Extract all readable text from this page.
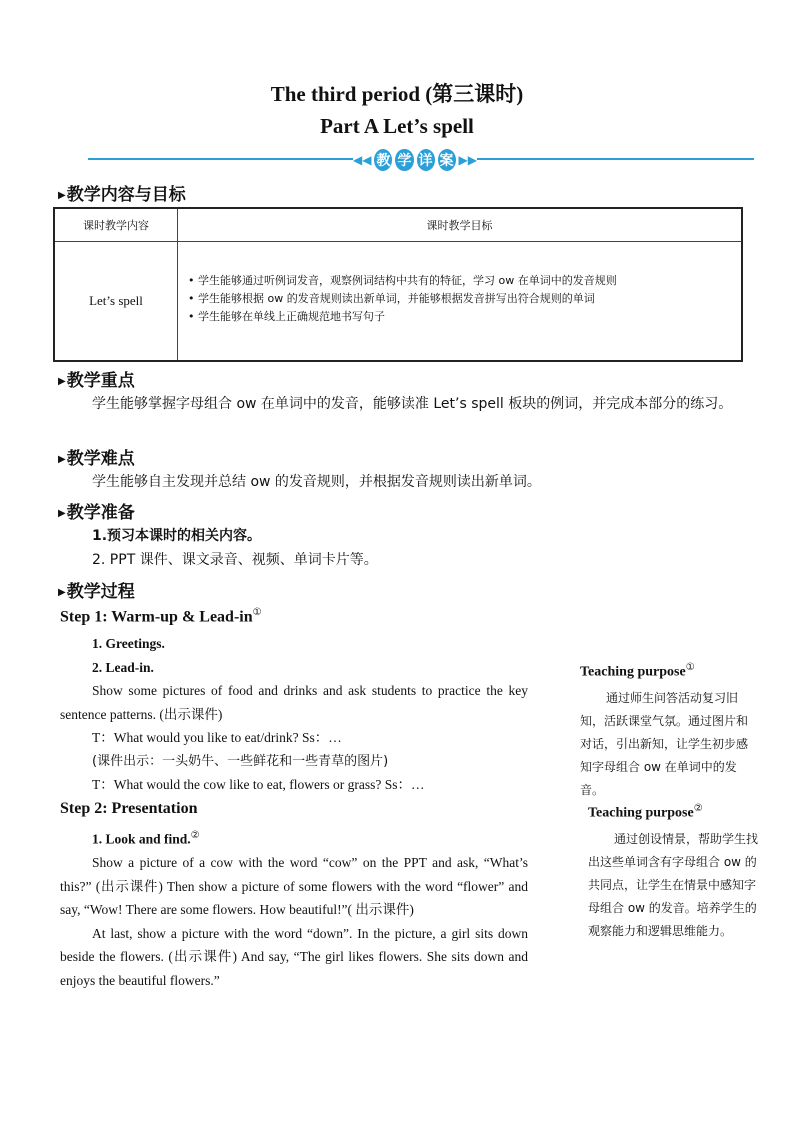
The third period (第三课时)
Part A Let’s spell
◀◀ 教 学 详 案 ▶▶
▶教学内容与目标
课时教学内容	课时教学目标
Let’s spell	• 学生能够通过听例词发音，观察例词结构中共有的特征，学习 ow 在单词中的发音规则
• 学生能够根据 ow 的发音规则读出新单词，并能够根据发音拼写出符合规则的单词
• 学生能够在单线上正确规范地书写句子
▶教学重点
学生能够掌握字母组合 ow 在单词中的发音，能够读准 Let’s spell 板块的例词，并完成本部分的练习。
▶教学难点
学生能够自主发现并总结 ow 的发音规则，并根据发音规则读出新单词。
▶教学准备
1.预习本课时的相关内容。
2. PPT 课件、课文录音、视频、单词卡片等。
▶教学过程
Step 1: Warm-up & Lead-in①

1. Greetings.

2. Lead-in.

Show some pictures of food and drinks and ask students to practice the key sentence patterns. (出示课件)

T：What would you like to eat/drink? Ss：…

(课件出示：一头奶牛、一些鲜花和一些青草的图片)

T：What would the cow like to eat, flowers or grass? Ss：…

Step 2: Presentation

1. Look and find.②

Show a picture of a cow with the word “cow” on the PPT and ask, “What’s this?” (出示课件) Then show a picture of some flowers with the word “flower” and say, “Wow! There are some flowers. How beautiful!”( 出示课件)

At last, show a picture with the word “down”. In the picture, a girl sits down beside the flowers. (出示课件) And say, “The girl likes flowers. She sits down and enjoys the beautiful flowers.”

Teaching purpose①
通过师生问答活动复习旧知，活跃课堂气氛。通过图片和对话，引出新知，让学生初步感知字母组合 ow 在单词中的发音。
Teaching purpose②
通过创设情景，帮助学生找出这些单词含有字母组合 ow 的共同点，让学生在情景中感知字母组合 ow 的发音。培养学生的观察能力和逻辑思维能力。
